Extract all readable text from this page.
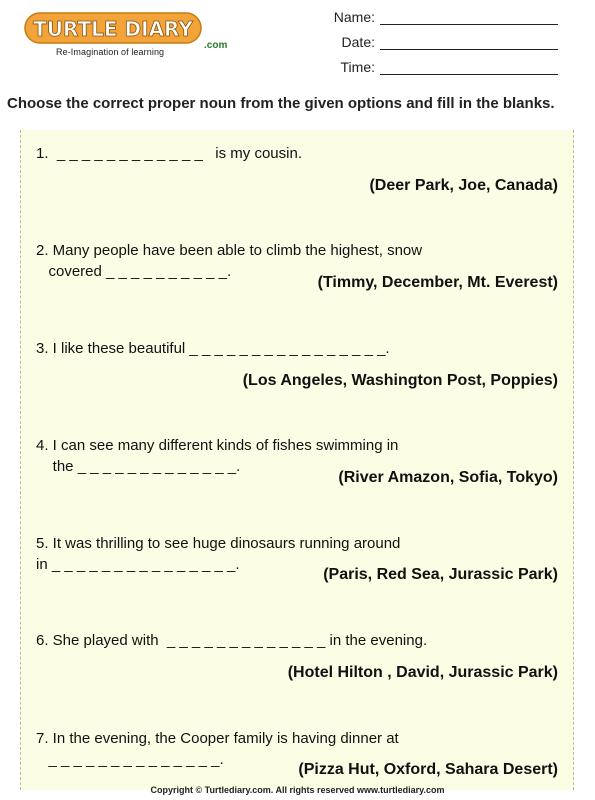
TURTLE DIARY
.com
Re-Imagination of learning
Name:
Date:
Time:
Choose the correct proper noun from the given options and fill in the blanks.
1.  _ _ _ _ _ _ _ _ _ _ _ _   is my cousin.
(Deer Park, Joe, Canada)
2. Many people have been able to climb the highest, snow
covered _ _ _ _ _ _ _ _ _ _.
(Timmy, December, Mt. Everest)
3. I like these beautiful _ _ _ _ _ _ _ _ _ _ _ _ _ _ _ _.
(Los Angeles, Washington Post, Poppies)
4. I can see many different kinds of fishes swimming in
the _ _ _ _ _ _ _ _ _ _ _ _ _.
(River Amazon, Sofia, Tokyo)
5. It was thrilling to see huge dinosaurs running around
in _ _ _ _ _ _ _ _ _ _ _ _ _ _ _.
(Paris, Red Sea, Jurassic Park)
6. She played with  _ _ _ _ _ _ _ _ _ _ _ _ _ in the evening.
(Hotel Hilton , David, Jurassic Park)
7. In the evening, the Cooper family is having dinner at
_ _ _ _ _ _ _ _ _ _ _ _ _ _.
(Pizza Hut, Oxford, Sahara Desert)
Copyright © Turtlediary.com. All rights reserved www.turtlediary.com
